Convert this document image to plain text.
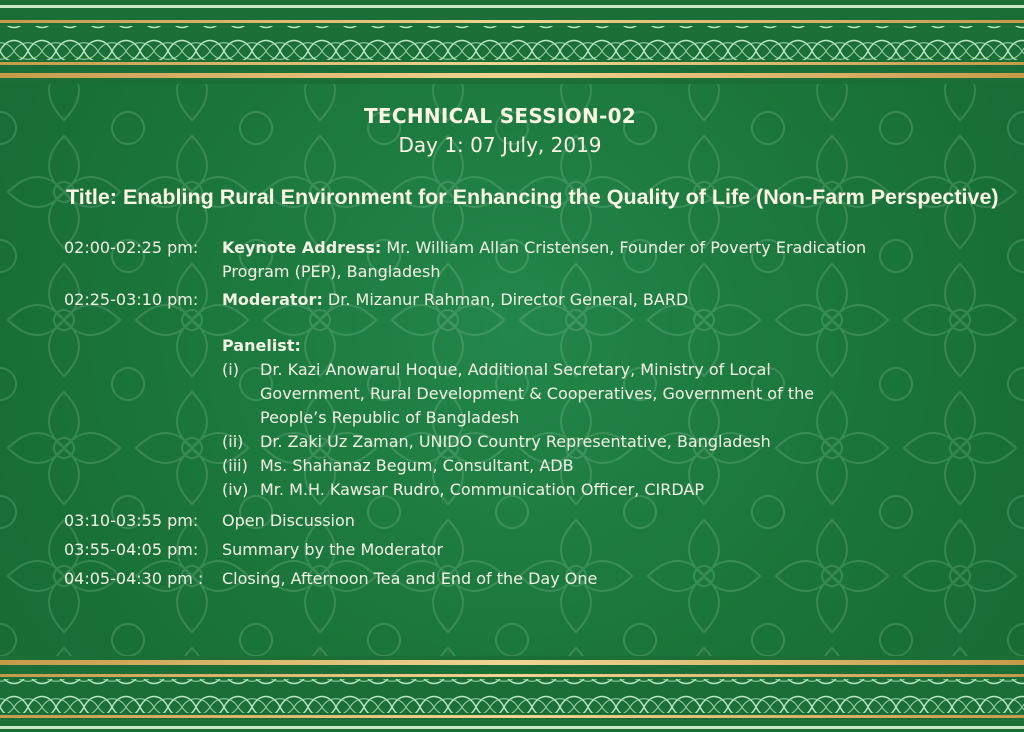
TECHNICAL SESSION-02
Day 1: 07 July, 2019
Title: Enabling Rural Environment for Enhancing the Quality of Life (Non-Farm Perspective)
02:00-02:25 pm:	Keynote Address: Mr. William Allan Cristensen, Founder of Poverty Eradication
Program (PEP), Bangladesh
02:25-03:10 pm:	Moderator: Dr. Mizanur Rahman, Director General, BARD
Panelist:
(i)	Dr. Kazi Anowarul Hoque, Additional Secretary, Ministry of Local
Government, Rural Development & Cooperatives, Government of the
People’s Republic of Bangladesh
(ii)	Dr. Zaki Uz Zaman, UNIDO Country Representative, Bangladesh
(iii) Ms. Shahanaz Begum, Consultant, ADB
(iv) Mr. M.H. Kawsar Rudro, Communication Officer, CIRDAP
03:10-03:55 pm:	Open Discussion
03:55-04:05 pm:	Summary by the Moderator
04:05-04:30 pm :	Closing, Afternoon Tea and End of the Day One
